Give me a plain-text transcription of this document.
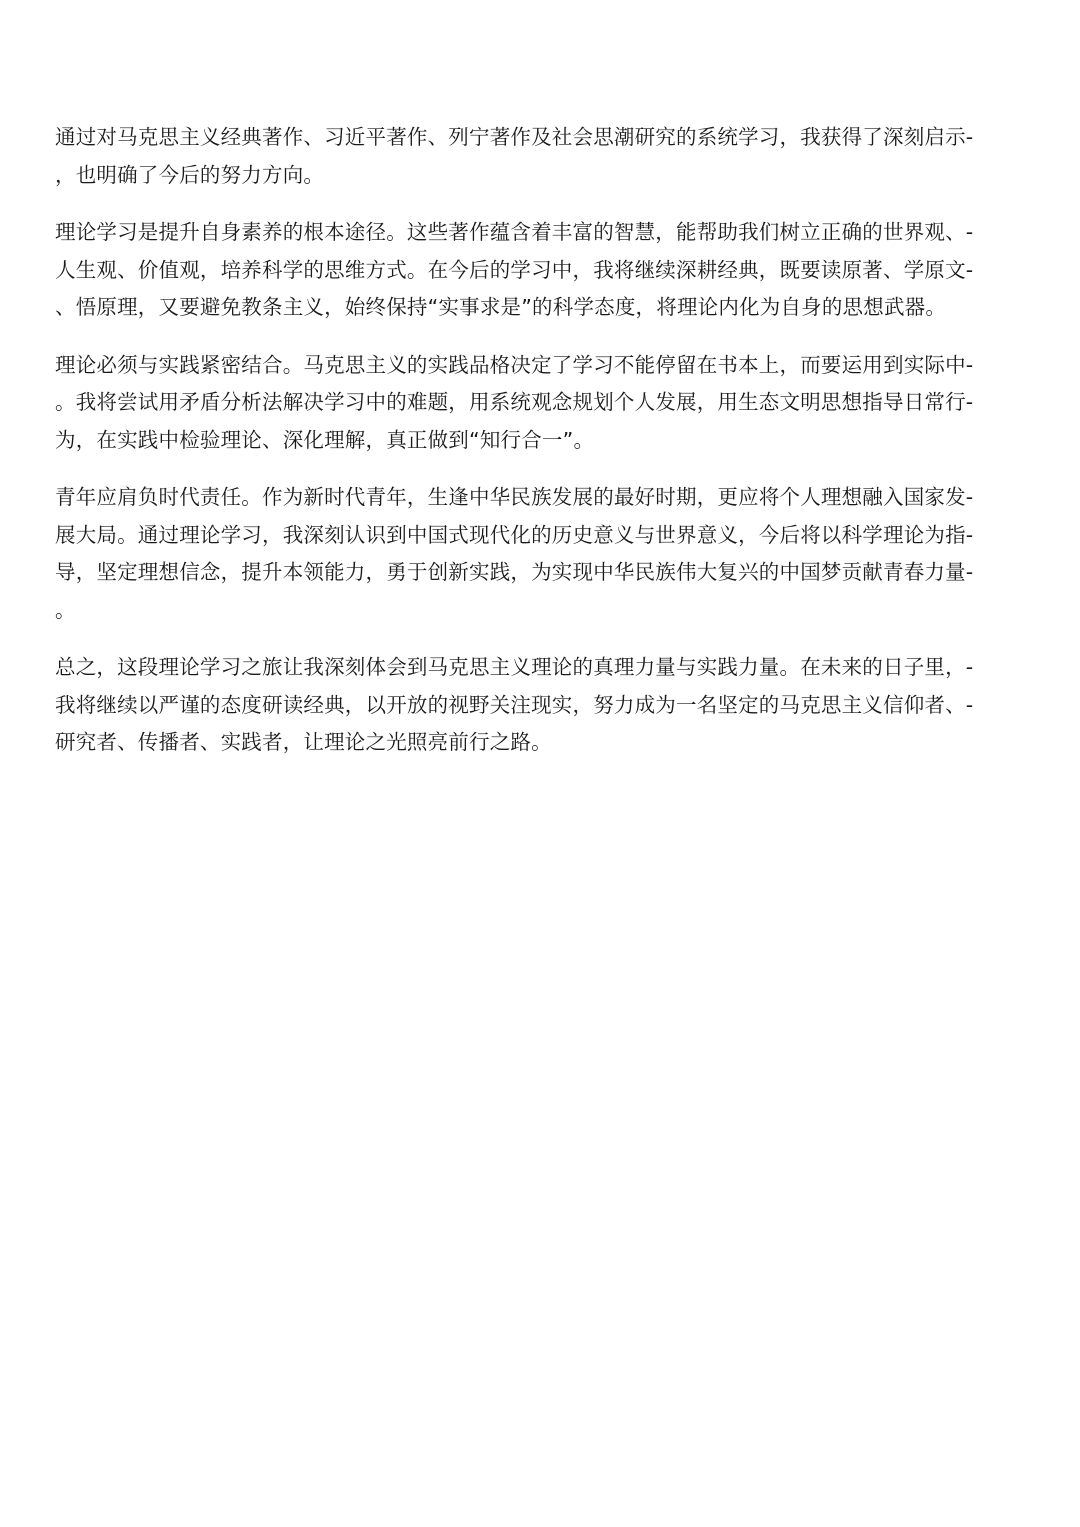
通过对马克思主义经典著作、习近平著作、列宁著作及社会思潮研究的系统学习，我获得了深刻启示-
，也明确了今后的努力方向。
理论学习是提升自身素养的根本途径。这些著作蕴含着丰富的智慧，能帮助我们树立正确的世界观、-
人生观、价值观，培养科学的思维方式。在今后的学习中，我将继续深耕经典，既要读原著、学原文-
、悟原理，又要避免教条主义，始终保持“实事求是”的科学态度，将理论内化为自身的思想武器。
理论必须与实践紧密结合。马克思主义的实践品格决定了学习不能停留在书本上，而要运用到实际中-
。我将尝试用矛盾分析法解决学习中的难题，用系统观念规划个人发展，用生态文明思想指导日常行-
为，在实践中检验理论、深化理解，真正做到“知行合一”。
青年应肩负时代责任。作为新时代青年，生逢中华民族发展的最好时期，更应将个人理想融入国家发-
展大局。通过理论学习，我深刻认识到中国式现代化的历史意义与世界意义，今后将以科学理论为指-
导，坚定理想信念，提升本领能力，勇于创新实践，为实现中华民族伟大复兴的中国梦贡献青春力量-
。
总之，这段理论学习之旅让我深刻体会到马克思主义理论的真理力量与实践力量。在未来的日子里，-
我将继续以严谨的态度研读经典，以开放的视野关注现实，努力成为一名坚定的马克思主义信仰者、-
研究者、传播者、实践者，让理论之光照亮前行之路。
